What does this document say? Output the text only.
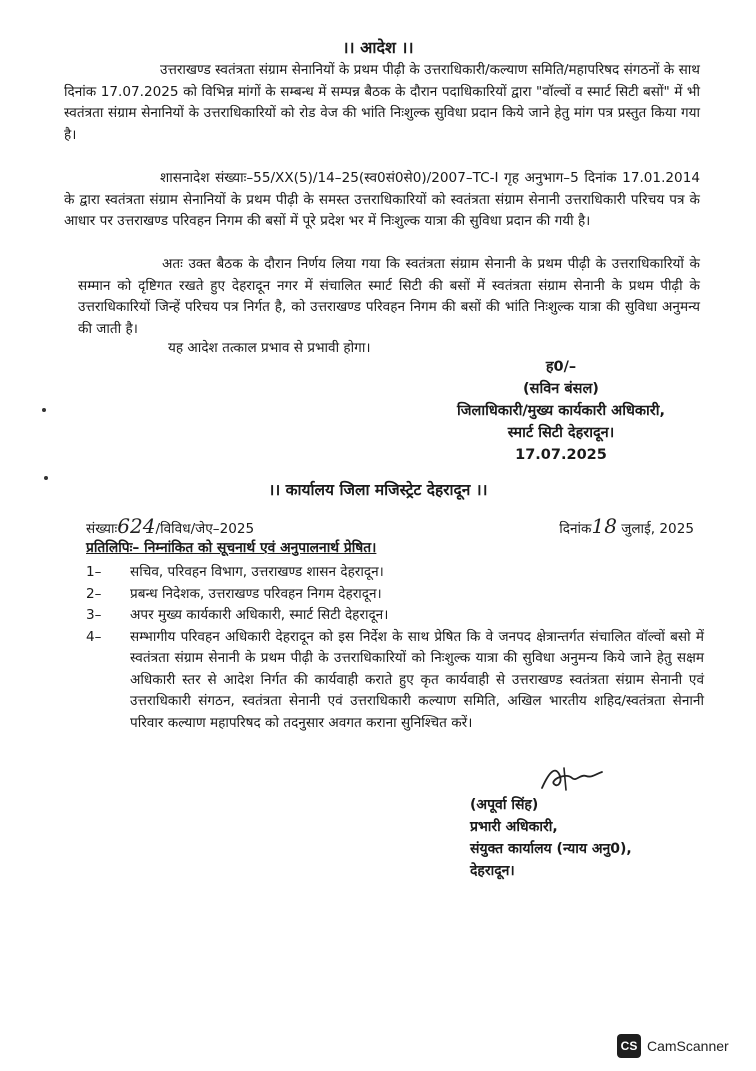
।। आदेश ।।

उत्तराखण्ड स्वतंत्रता संग्राम सेनानियों के प्रथम पीढ़ी के उत्तराधिकारी/कल्याण समिति/महापरिषद संगठनों के साथ दिनांक 17.07.2025 को विभिन्न मांगों के सम्बन्ध में सम्पन्न बैठक के दौरान पदाधिकारियों द्वारा "वॉल्वों व स्मार्ट सिटी बसों" में भी स्वतंत्रता संग्राम सेनानियों के उत्तराधिकारियों को रोड वेज की भांति निःशुल्क सुविधा प्रदान किये जाने हेतु मांग पत्र प्रस्तुत किया गया है।

शासनादेश संख्याः–55/XX(5)/14–25(स्व0सं0से0)/2007–TC-I गृह अनुभाग–5 दिनांक 17.01.2014 के द्वारा स्वतंत्रता संग्राम सेनानियों के प्रथम पीढ़ी के समस्त उत्तराधिकारियों को स्वतंत्रता संग्राम सेनानी उत्तराधिकारी परिचय पत्र के आधार पर उत्तराखण्ड परिवहन निगम की बसों में पूरे प्रदेश भर में निःशुल्क यात्रा की सुविधा प्रदान की गयी है।

अतः उक्त बैठक के दौरान निर्णय लिया गया कि स्वतंत्रता संग्राम सेनानी के प्रथम पीढ़ी के उत्तराधिकारियों के सम्मान को दृष्टिगत रखते हुए देहरादून नगर में संचालित स्मार्ट सिटी की बसों में स्वतंत्रता संग्राम सेनानी के प्रथम पीढ़ी के उत्तराधिकारियों जिन्हें परिचय पत्र निर्गत है, को उत्तराखण्ड परिवहन निगम की बसों की भांति निःशुल्क यात्रा की सुविधा अनुमन्य की जाती है।

यह आदेश तत्काल प्रभाव से प्रभावी होगा।

ह0/–
(सविन बंसल)
जिलाधिकारी/मुख्य कार्यकारी अधिकारी,
स्मार्ट सिटी देहरादून।
17.07.2025
।। कार्यालय जिला मजिस्ट्रेट देहरादून ।।
संख्याः624/विविध/जेए–2025	दिनांक18 जुलाई, 2025
प्रतिलिपिः– निम्नांकित को सूचनार्थ एवं अनुपालनार्थ प्रेषित।
1–	सचिव, परिवहन विभाग, उत्तराखण्ड शासन देहरादून।
2–	प्रबन्ध निदेशक, उत्तराखण्ड परिवहन निगम देहरादून।
3–	अपर मुख्य कार्यकारी अधिकारी, स्मार्ट सिटी देहरादून।
4–	सम्भागीय परिवहन अधिकारी देहरादून को इस निर्देश के साथ प्रेषित कि वे जनपद क्षेत्रान्तर्गत संचालित वॉल्वों बसो में स्वतंत्रता संग्राम सेनानी के प्रथम पीढ़ी के उत्तराधिकारियों को निःशुल्क यात्रा की सुविधा अनुमन्य किये जाने हेतु सक्षम अधिकारी स्तर से आदेश निर्गत की कार्यवाही कराते हुए कृत कार्यवाही से उत्तराखण्ड स्वतंत्रता संग्राम सेनानी एवं उत्तराधिकारी संगठन, स्वतंत्रता सेनानी एवं उत्तराधिकारी कल्याण समिति, अखिल भारतीय शहिद/स्वतंत्रता सेनानी परिवार कल्याण महापरिषद को तदनुसार अवगत कराना सुनिश्चित करें।
(अपूर्वा सिंह)
प्रभारी अधिकारी,
संयुक्त कार्यालय (न्याय अनु0),
देहरादून।
CS CamScanner
